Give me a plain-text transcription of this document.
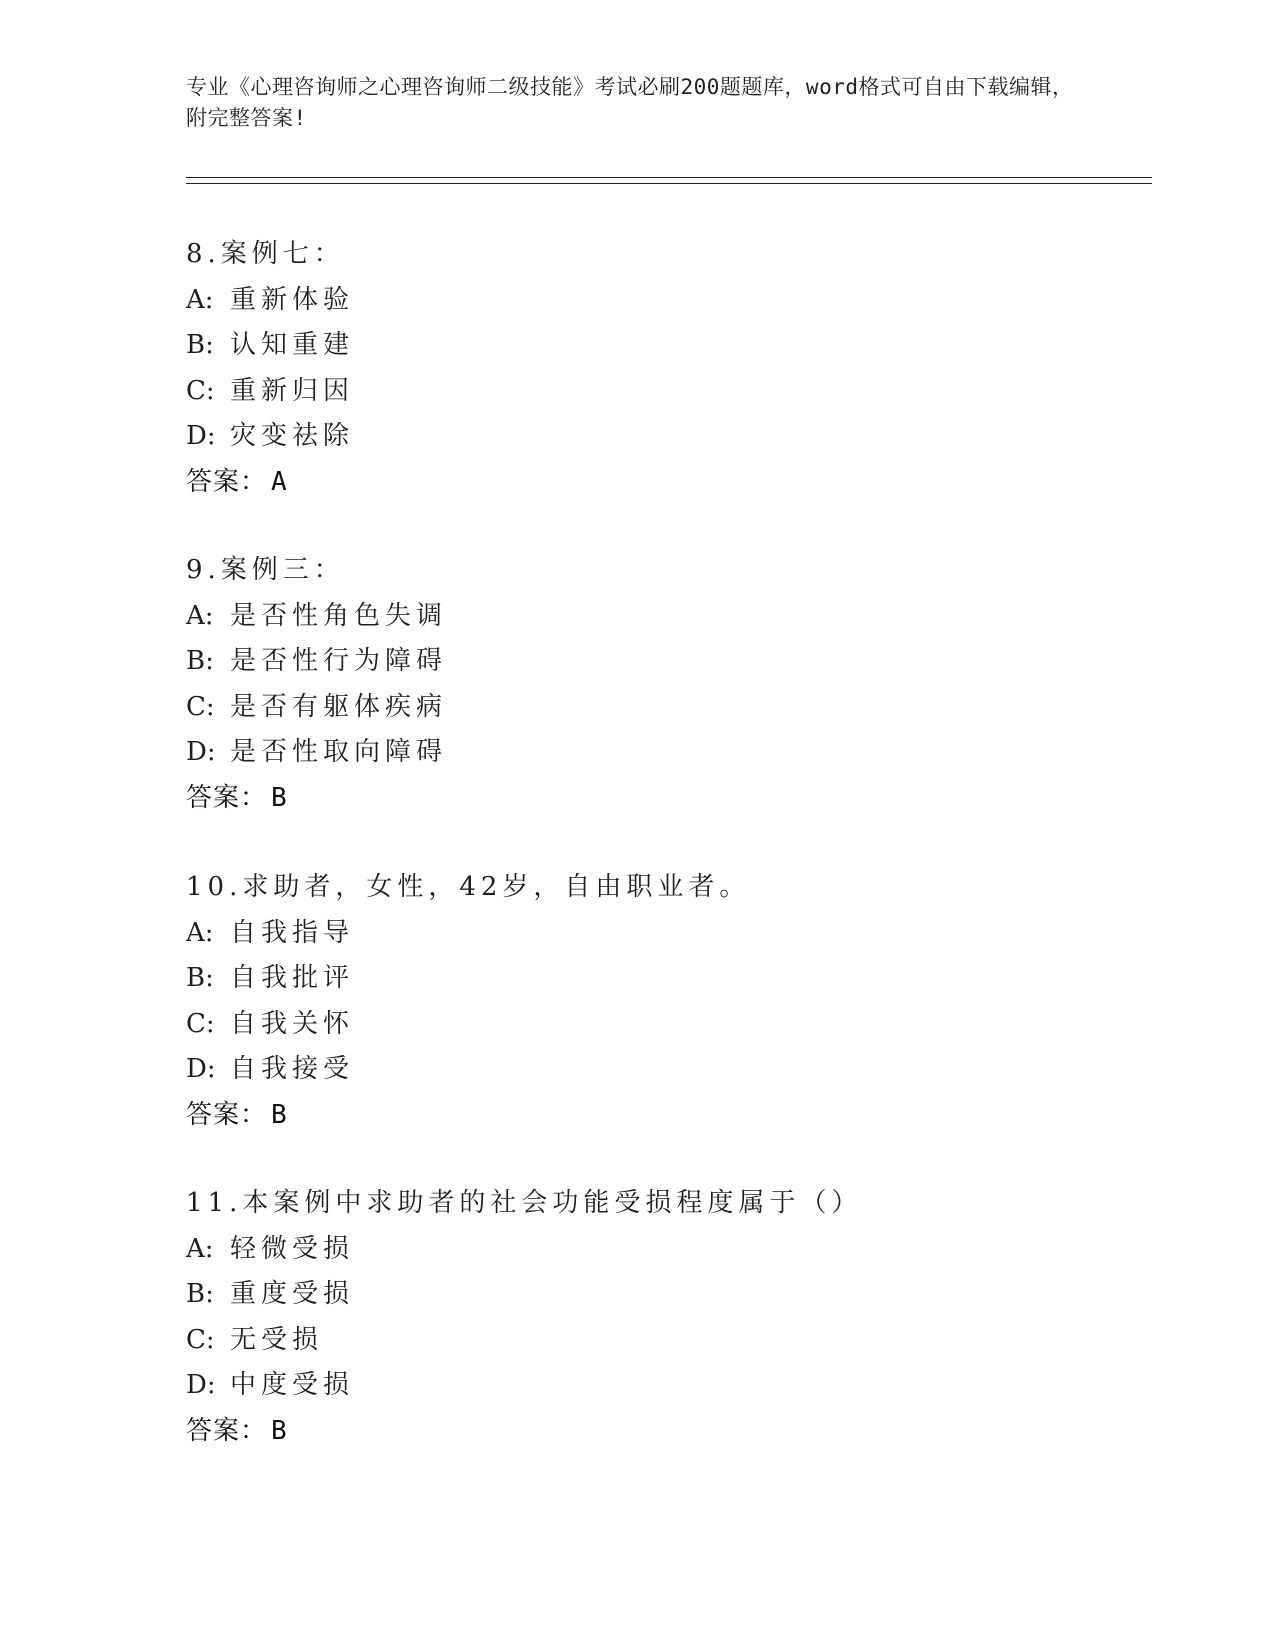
专业《心理咨询师之心理咨询师二级技能》考试必刷200题题库，word格式可自由下载编辑，附完整答案!
8.案例七：
A: 重新体验
B: 认知重建
C: 重新归因
D: 灾变祛除
答案： A
9.案例三：
A: 是否性角色失调
B: 是否性行为障碍
C: 是否有躯体疾病
D: 是否性取向障碍
答案： B
10.求助者，女性，42岁，自由职业者。
A: 自我指导
B: 自我批评
C: 自我关怀
D: 自我接受
答案： B
11.本案例中求助者的社会功能受损程度属于（）
A: 轻微受损
B: 重度受损
C: 无受损
D: 中度受损
答案： B
